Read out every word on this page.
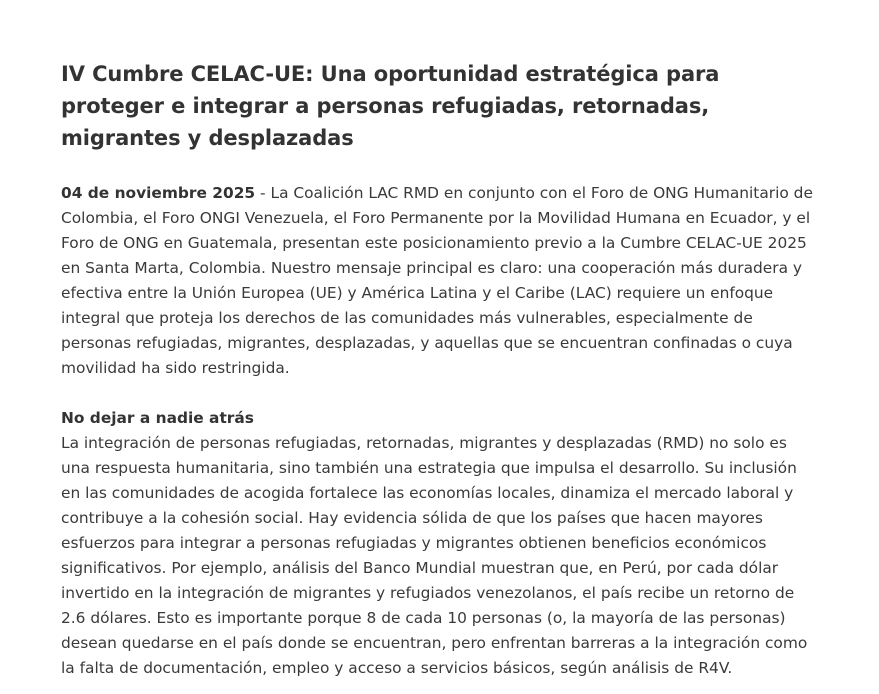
IV Cumbre CELAC-UE: Una oportunidad estratégica para proteger e integrar a personas refugiadas, retornadas, migrantes y desplazadas

04 de noviembre 2025 - La Coalición LAC RMD en conjunto con el Foro de ONG Humanitario de Colombia, el Foro ONGI Venezuela, el Foro Permanente por la Movilidad Humana en Ecuador, y el Foro de ONG en Guatemala, presentan este posicionamiento previo a la Cumbre CELAC-UE 2025 en Santa Marta, Colombia. Nuestro mensaje principal es claro: una cooperación más duradera y efectiva entre la Unión Europea (UE) y América Latina y el Caribe (LAC) requiere un enfoque integral que proteja los derechos de las comunidades más vulnerables, especialmente de personas refugiadas, migrantes, desplazadas, y aquellas que se encuentran confinadas o cuya movilidad ha sido restringida.

No dejar a nadie atrás

La integración de personas refugiadas, retornadas, migrantes y desplazadas (RMD) no solo es una respuesta humanitaria, sino también una estrategia que impulsa el desarrollo. Su inclusión en las comunidades de acogida fortalece las economías locales, dinamiza el mercado laboral y contribuye a la cohesión social. Hay evidencia sólida de que los países que hacen mayores esfuerzos para integrar a personas refugiadas y migrantes obtienen beneficios económicos significativos. Por ejemplo, análisis del Banco Mundial muestran que, en Perú, por cada dólar invertido en la integración de migrantes y refugiados venezolanos, el país recibe un retorno de 2.6 dólares. Esto es importante porque 8 de cada 10 personas (o, la mayoría de las personas) desean quedarse en el país donde se encuentran, pero enfrentan barreras a la integración como la falta de documentación, empleo y acceso a servicios básicos, según análisis de R4V.
